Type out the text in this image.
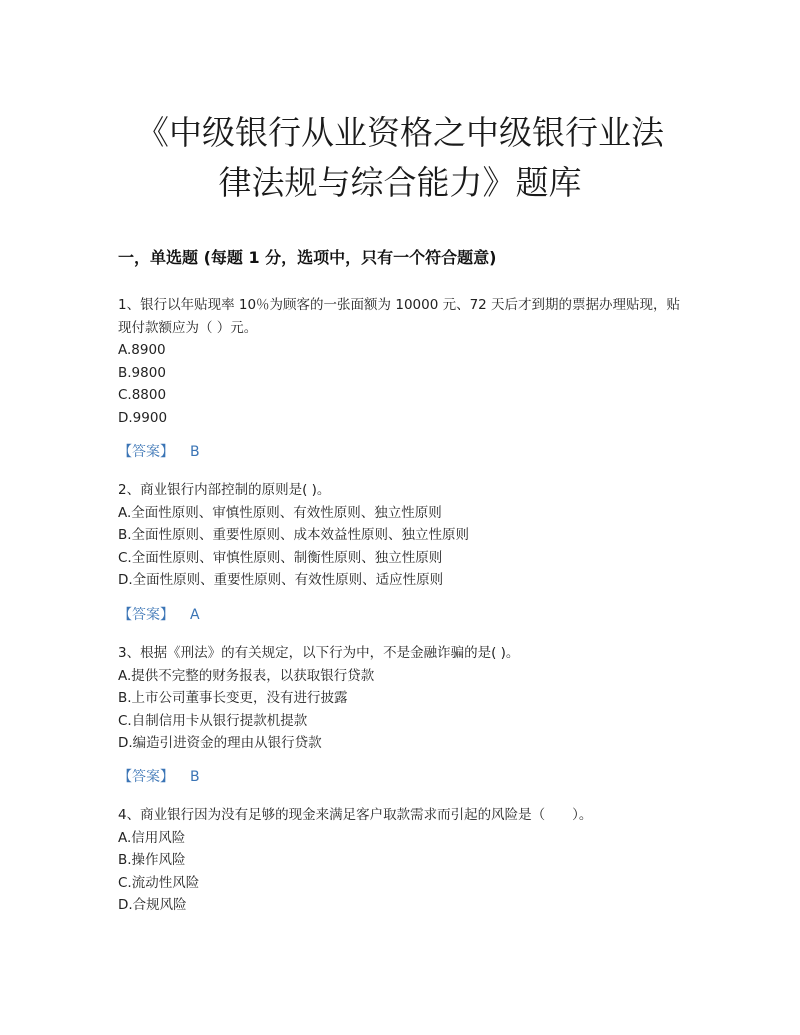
《中级银行从业资格之中级银行业法
律法规与综合能力》题库
一，单选题 (每题 1 分，选项中，只有一个符合题意)

1、银行以年贴现率 10％为顾客的一张面额为 10000 元、72 天后才到期的票据办理贴现，贴现付款额应为（ ）元。

A.8900
B.9800
C.8800
D.9900
【答案】 B

2、商业银行内部控制的原则是( )。

A.全面性原则、审慎性原则、有效性原则、独立性原则
B.全面性原则、重要性原则、成本效益性原则、独立性原则
C.全面性原则、审慎性原则、制衡性原则、独立性原则
D.全面性原则、重要性原则、有效性原则、适应性原则
【答案】 A

3、根据《刑法》的有关规定，以下行为中，不是金融诈骗的是( )。

A.提供不完整的财务报表，以获取银行贷款
B.上市公司董事长变更，没有进行披露
C.自制信用卡从银行提款机提款
D.编造引进资金的理由从银行贷款
【答案】 B

4、商业银行因为没有足够的现金来满足客户取款需求而引起的风险是（　　）。

A.信用风险
B.操作风险
C.流动性风险
D.合规风险
